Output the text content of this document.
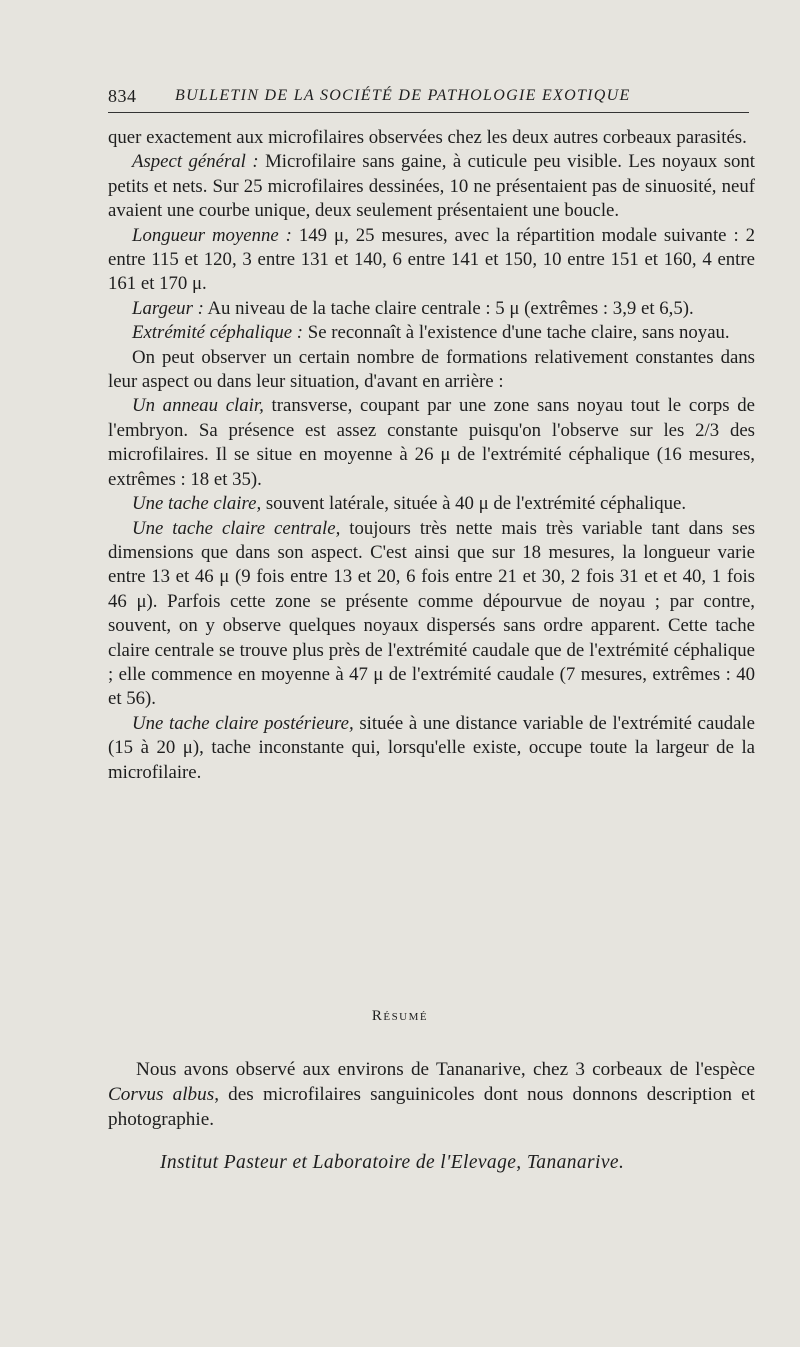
834 BULLETIN DE LA SOCIÉTÉ DE PATHOLOGIE EXOTIQUE

quer exactement aux microfilaires observées chez les deux autres corbeaux parasités.

Aspect général : Microfilaire sans gaine, à cuticule peu visible. Les noyaux sont petits et nets. Sur 25 microfilaires dessinées, 10 ne présentaient pas de sinuosité, neuf avaient une courbe unique, deux seulement présentaient une boucle.

Longueur moyenne : 149 μ, 25 mesures, avec la répartition modale suivante : 2 entre 115 et 120, 3 entre 131 et 140, 6 entre 141 et 150, 10 entre 151 et 160, 4 entre 161 et 170 μ.

Largeur : Au niveau de la tache claire centrale : 5 μ (extrêmes : 3,9 et 6,5).

Extrémité céphalique : Se reconnaît à l'existence d'une tache claire, sans noyau.

On peut observer un certain nombre de formations relativement constantes dans leur aspect ou dans leur situation, d'avant en arrière :

Un anneau clair, transverse, coupant par une zone sans noyau tout le corps de l'embryon. Sa présence est assez constante puisqu'on l'observe sur les 2/3 des microfilaires. Il se situe en moyenne à 26 μ de l'extrémité céphalique (16 mesures, extrêmes : 18 et 35).

Une tache claire, souvent latérale, située à 40 μ de l'extrémité céphalique.

Une tache claire centrale, toujours très nette mais très variable tant dans ses dimensions que dans son aspect. C'est ainsi que sur 18 mesures, la longueur varie entre 13 et 46 μ (9 fois entre 13 et 20, 6 fois entre 21 et 30, 2 fois 31 et et 40, 1 fois 46 μ). Parfois cette zone se présente comme dépourvue de noyau ; par contre, souvent, on y observe quelques noyaux dispersés sans ordre apparent. Cette tache claire centrale se trouve plus près de l'extrémité caudale que de l'extrémité céphalique ; elle commence en moyenne à 47 μ de l'extrémité caudale (7 mesures, extrêmes : 40 et 56).

Une tache claire postérieure, située à une distance variable de l'extrémité caudale (15 à 20 μ), tache inconstante qui, lorsqu'elle existe, occupe toute la largeur de la microfilaire.

Résumé

Nous avons observé aux environs de Tananarive, chez 3 corbeaux de l'espèce Corvus albus, des microfilaires sanguinicoles dont nous donnons description et photographie.

Institut Pasteur et Laboratoire de l'Elevage, Tananarive.
